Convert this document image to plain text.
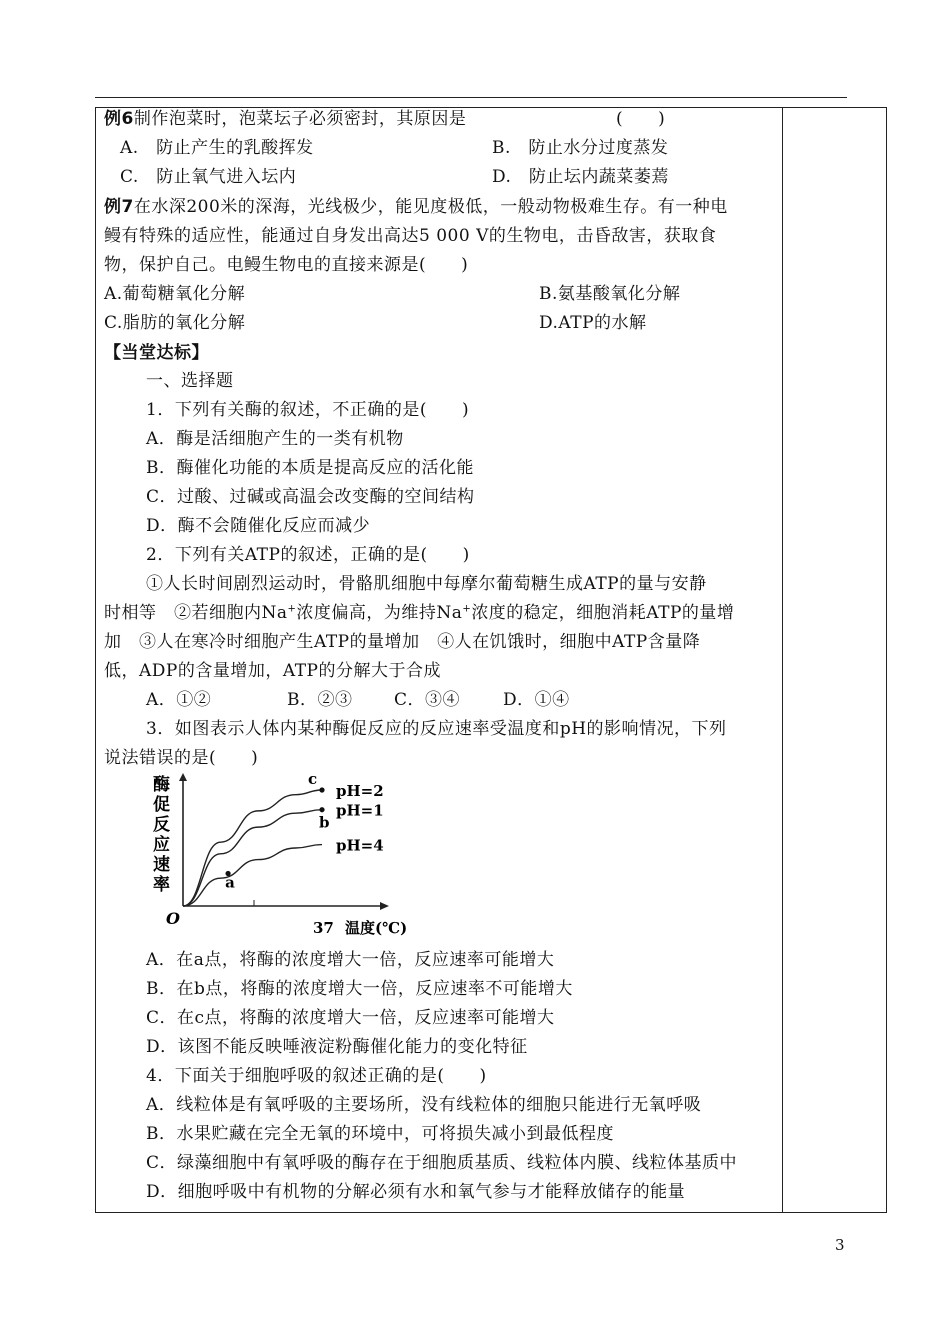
例6制作泡菜时，泡菜坛子必须密封，其原因是	(　　)
A.　防止产生的乳酸挥发	B.　防止水分过度蒸发
C.　防止氧气进入坛内	D.　防止坛内蔬菜萎蔫
例7在水深200米的深海，光线极少，能见度极低，一般动物极难生存。有一种电
鳗有特殊的适应性，能通过自身发出高达5 000 V的生物电，击昏敌害，获取食
物，保护自己。电鳗生物电的直接来源是(　　)
A.葡萄糖氧化分解	B.氨基酸氧化分解
C.脂肪的氧化分解	D.ATP的水解
【当堂达标】
一、选择题
1．下列有关酶的叙述，不正确的是(　　)
A．酶是活细胞产生的一类有机物
B．酶催化功能的本质是提高反应的活化能
C．过酸、过碱或高温会改变酶的空间结构
D．酶不会随催化反应而减少
2．下列有关ATP的叙述，正确的是(　　)
①人长时间剧烈运动时，骨骼肌细胞中每摩尔葡萄糖生成ATP的量与安静
时相等　②若细胞内Na+浓度偏高，为维持Na+浓度的稳定，细胞消耗ATP的量增
加　③人在寒冷时细胞产生ATP的量增加　④人在饥饿时，细胞中ATP含量降
低，ADP的含量增加，ATP的分解大于合成
A．①②	B．②③ C．③④	D．①④
3．如图表示人体内某种酶促反应的反应速率受温度和pH的影响情况，下列
说法错误的是(　　)
酶
促
反
应
速
率
O	37 温度(℃)
pH=2
pH=1
pH=4
c
b
a
A．在a点，将酶的浓度增大一倍，反应速率可能增大
B．在b点，将酶的浓度增大一倍，反应速率不可能增大
C．在c点，将酶的浓度增大一倍，反应速率可能增大
D．该图不能反映唾液淀粉酶催化能力的变化特征
4．下面关于细胞呼吸的叙述正确的是(　　)
A．线粒体是有氧呼吸的主要场所，没有线粒体的细胞只能进行无氧呼吸
B．水果贮藏在完全无氧的环境中，可将损失减小到最低程度
C．绿藻细胞中有氧呼吸的酶存在于细胞质基质、线粒体内膜、线粒体基质中
D．细胞呼吸中有机物的分解必须有水和氧气参与才能释放储存的能量
3
